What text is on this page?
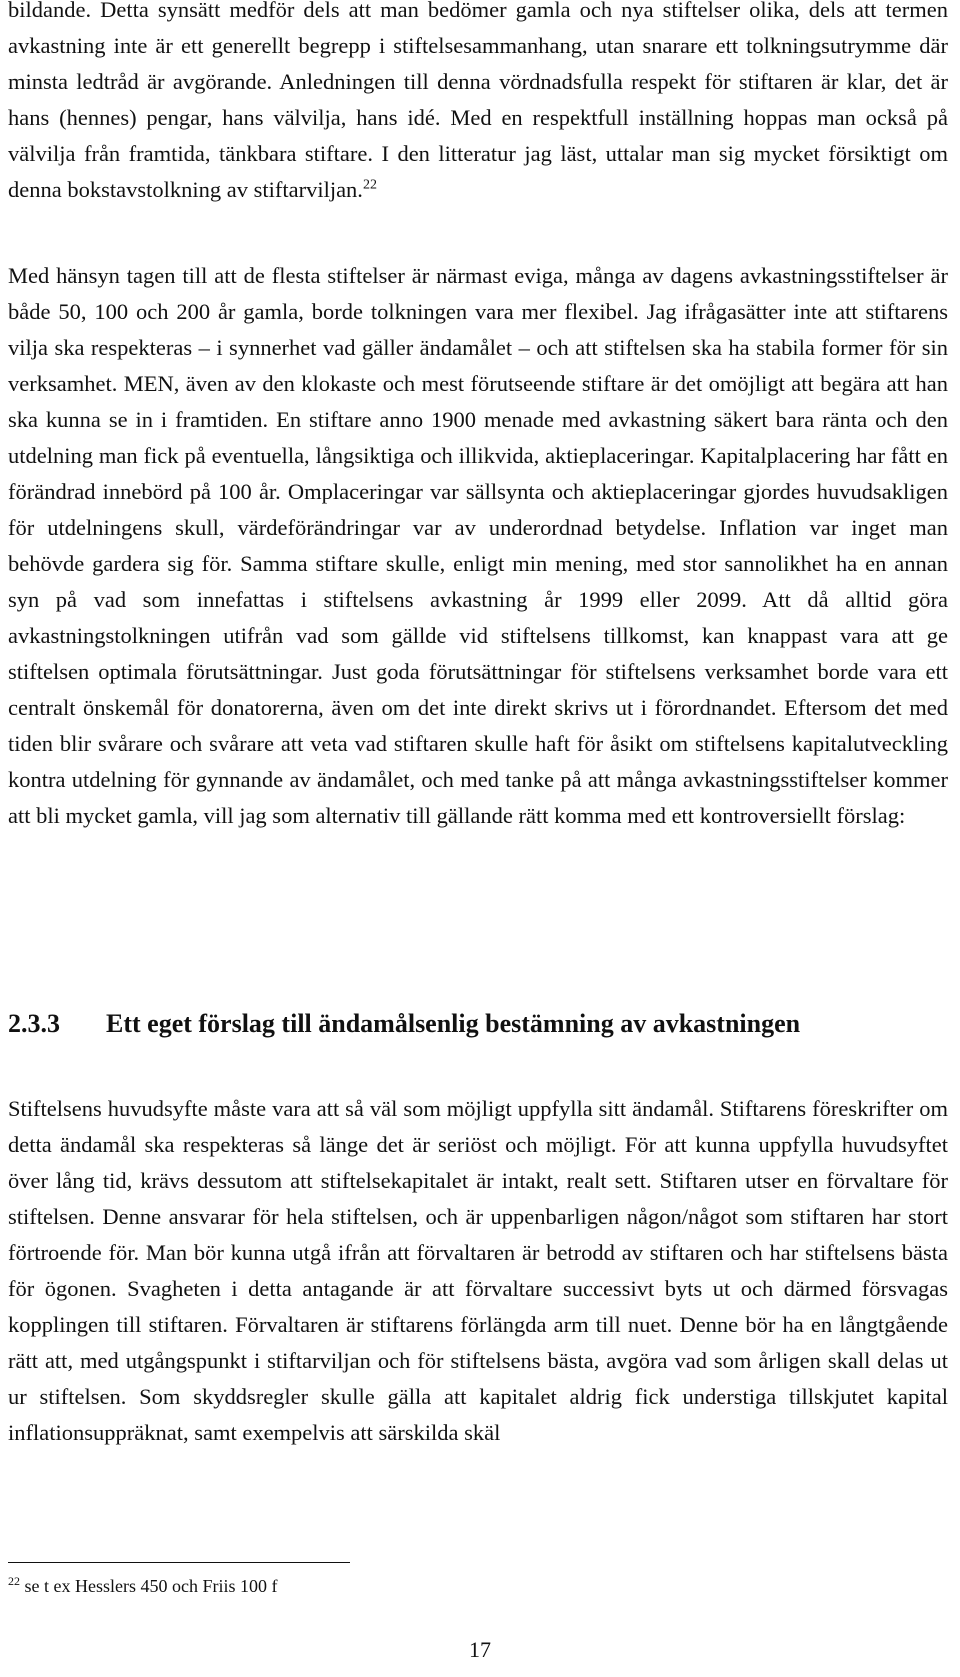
bildande. Detta synsätt medför dels att man bedömer gamla och nya stiftelser olika, dels att termen avkastning inte är ett generellt begrepp i stiftelsesammanhang, utan snarare ett tolkningsutrymme där minsta ledtråd är avgörande. Anledningen till denna vördnadsfulla respekt för stiftaren är klar, det är hans (hennes) pengar, hans välvilja, hans idé. Med en respektfull inställning hoppas man också på välvilja från framtida, tänkbara stiftare. I den litteratur jag läst, uttalar man sig mycket försiktigt om denna bokstavstolkning av stiftarviljan.$^{22}$

Med hänsyn tagen till att de flesta stiftelser är närmast eviga, många av dagens avkastningsstiftelser är både 50, 100 och 200 år gamla, borde tolkningen vara mer flexibel. Jag ifrågasätter inte att stiftarens vilja ska respekteras – i synnerhet vad gäller ändamålet – och att stiftelsen ska ha stabila former för sin verksamhet. MEN, även av den klokaste och mest förutseende stiftare är det omöjligt att begära att han ska kunna se in i framtiden. En stiftare anno 1900 menade med avkastning säkert bara ränta och den utdelning man fick på eventuella, långsiktiga och illikvida, aktieplaceringar. Kapitalplacering har fått en förändrad innebörd på 100 år. Omplaceringar var sällsynta och aktieplaceringar gjordes huvudsakligen för utdelningens skull, värdeförändringar var av underordnad betydelse. Inflation var inget man behövde gardera sig för. Samma stiftare skulle, enligt min mening, med stor sannolikhet ha en annan syn på vad som innefattas i stiftelsens avkastning år 1999 eller 2099. Att då alltid göra avkastningstolkningen utifrån vad som gällde vid stiftelsens tillkomst, kan knappast vara att ge stiftelsen optimala förutsättningar. Just goda förutsättningar för stiftelsens verksamhet borde vara ett centralt önskemål för donatorerna, även om det inte direkt skrivs ut i förordnandet. Eftersom det med tiden blir svårare och svårare att veta vad stiftaren skulle haft för åsikt om stiftelsens kapitalutveckling kontra utdelning för gynnande av ändamålet, och med tanke på att många avkastningsstiftelser kommer att bli mycket gamla, vill jag som alternativ till gällande rätt komma med ett kontroversiellt förslag:

2.3.3	Ett eget förslag till ändamålsenlig bestämning av avkastningen

Stiftelsens huvudsyfte måste vara att så väl som möjligt uppfylla sitt ändamål. Stiftarens föreskrifter om detta ändamål ska respekteras så länge det är seriöst och möjligt. För att kunna uppfylla huvudsyftet över lång tid, krävs dessutom att stiftelsekapitalet är intakt, realt sett. Stiftaren utser en förvaltare för stiftelsen. Denne ansvarar för hela stiftelsen, och är uppenbarligen någon/något som stiftaren har stort förtroende för. Man bör kunna utgå ifrån att förvaltaren är betrodd av stiftaren och har stiftelsens bästa för ögonen. Svagheten i detta antagande är att förvaltare successivt byts ut och därmed försvagas kopplingen till stiftaren. Förvaltaren är stiftarens förlängda arm till nuet. Denne bör ha en långtgående rätt att, med utgångspunkt i stiftarviljan och för stiftelsens bästa, avgöra vad som årligen skall delas ut ur stiftelsen. Som skyddsregler skulle gälla att kapitalet aldrig fick understiga tillskjutet kapital inflationsuppräknat, samt exempelvis att särskilda skäl

$^{22}$ se t ex Hesslers 450 och Friis 100 f

17
